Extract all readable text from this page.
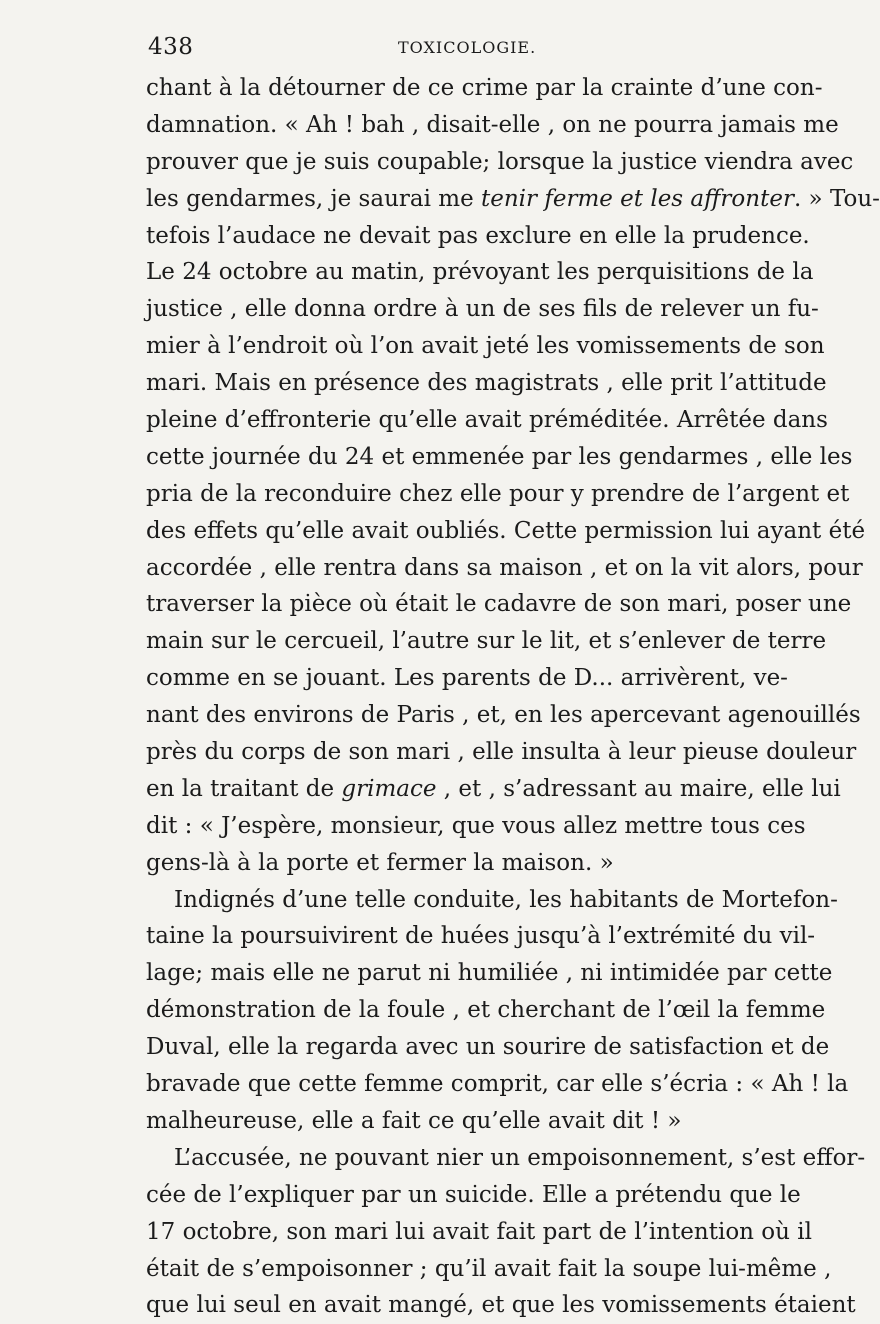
438	TOXICOLOGIE.
chant à la détourner de ce crime par la crainte d’une con-
damnation. « Ah ! bah , disait-elle , on ne pourra jamais me
prouver que je suis coupable; lorsque la justice viendra avec
les gendarmes, je saurai me tenir ferme et les affronter. » Tou-
tefois l’audace ne devait pas exclure en elle la prudence.
Le 24 octobre au matin, prévoyant les perquisitions de la
justice , elle donna ordre à un de ses fils de relever un fu-
mier à l’endroit où l’on avait jeté les vomissements de son
mari. Mais en présence des magistrats , elle prit l’attitude
pleine d’effronterie qu’elle avait préméditée. Arrêtée dans
cette journée du 24 et emmenée par les gendarmes , elle les
pria de la reconduire chez elle pour y prendre de l’argent et
des effets qu’elle avait oubliés. Cette permission lui ayant été
accordée , elle rentra dans sa maison , et on la vit alors, pour
traverser la pièce où était le cadavre de son mari, poser une
main sur le cercueil, l’autre sur le lit, et s’enlever de terre
comme en se jouant. Les parents de D... arrivèrent, ve-
nant des environs de Paris , et, en les apercevant agenouillés
près du corps de son mari , elle insulta à leur pieuse douleur
en la traitant de grimace , et , s’adressant au maire, elle lui
dit : « J’espère, monsieur, que vous allez mettre tous ces
gens-là à la porte et fermer la maison. »
Indignés d’une telle conduite, les habitants de Mortefon-
taine la poursuivirent de huées jusqu’à l’extrémité du vil-
lage; mais elle ne parut ni humiliée , ni intimidée par cette
démonstration de la foule , et cherchant de l’œil la femme
Duval, elle la regarda avec un sourire de satisfaction et de
bravade que cette femme comprit, car elle s’écria : « Ah ! la
malheureuse, elle a fait ce qu’elle avait dit ! »
L’accusée, ne pouvant nier un empoisonnement, s’est effor-
cée de l’expliquer par un suicide. Elle a prétendu que le
17 octobre, son mari lui avait fait part de l’intention où il
était de s’empoisonner ; qu’il avait fait la soupe lui-même ,
que lui seul en avait mangé, et que les vomissements étaient
